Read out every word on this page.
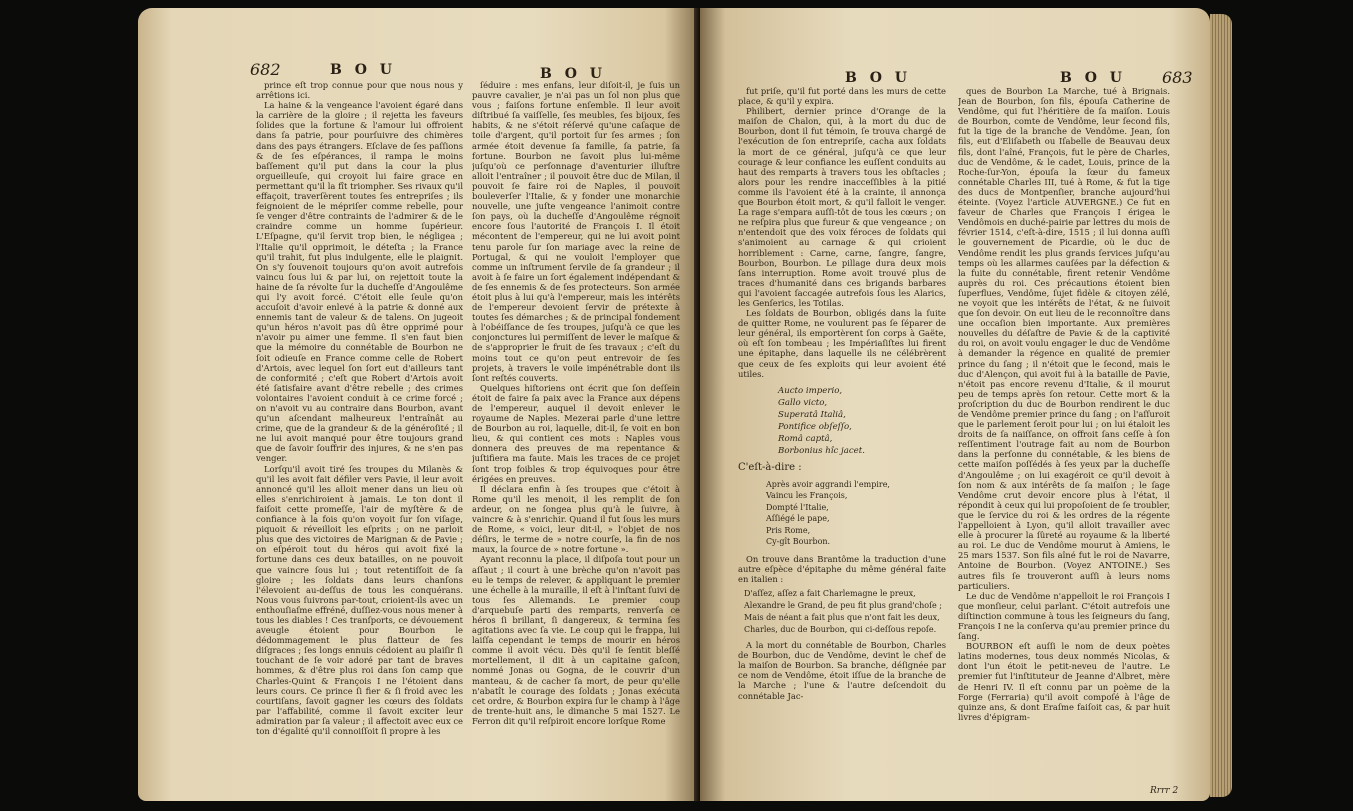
682	B O U	B O U	B O U	B O U 683

prince eſt trop connue pour que nous nous y arrêtions ici.

La haine & la vengeance l'avoient égaré dans la carrière de la gloire ; il rejetta les faveurs ſolides que la fortune & l'amour lui offroient dans ſa patrie, pour pourſuivre des chimères dans des pays étrangers. Eſclave de ſes paſſions & de ſes eſpérances, il rampa le moins baſſement qu'il put dans la cour la plus orgueilleuſe, qui croyoit lui faire grace en permettant qu'il la fît triompher. Ses rivaux qu'il effaçoit, traverſèrent toutes ſes entrepriſes ; ils feignoient de le mépriſer comme rebelle, pour ſe venger d'être contraints de l'admirer & de le craindre comme un homme ſupérieur. L'Eſpagne, qu'il ſervit trop bien, le négligea ; l'Italie qu'il opprimoit, le déteſta ; la France qu'il trahit, fut plus indulgente, elle le plaignit. On s'y ſouvenoit toujours qu'on avoit autrefois vaincu ſous lui & par lui, on rejettoit toute la haine de ſa révolte ſur la ducheſſe d'Angoulême qui l'y avoit forcé. C'étoit elle ſeule qu'on accuſoit d'avoir enlevé à la patrie & donné aux ennemis tant de valeur & de talens. On jugeoit qu'un héros n'avoit pas dû être opprimé pour n'avoir pu aimer une femme. Il s'en faut bien que la mémoire du connétable de Bourbon ne ſoit odieuſe en France comme celle de Robert d'Artois, avec lequel ſon ſort eut d'ailleurs tant de conformité ; c'eſt que Robert d'Artois avoit été ſatisfaire avant d'être rebelle ; des crimes volontaires l'avoient conduit à ce crime forcé ; on n'avoit vu au contraire dans Bourbon, avant qu'un aſcendant malheureux l'entraînât au crime, que de la grandeur & de la généroſité ; il ne lui avoit manqué pour être toujours grand que de ſavoir ſouffrir des injures, & ne s'en pas venger.

Lorſqu'il avoit tiré ſes troupes du Milanès & qu'il les avoit fait défiler vers Pavie, il leur avoit annoncé qu'il les alloit mener dans un lieu où elles s'enrichiroient à jamais. Le ton dont il faiſoit cette promeſſe, l'air de myſtère & de confiance à la fois qu'on voyoit ſur ſon viſage, piquoit & réveilloit les eſprits ; on ne parloit plus que des victoires de Marignan & de Pavie ; on eſpéroit tout du héros qui avoit fixé la fortune dans ces deux batailles, on ne pouvoit que vaincre ſous lui ; tout retentiſſoit de ſa gloire ; les ſoldats dans leurs chanſons l'élevoient au-deſſus de tous les conquérans. Nous vous ſuivrons par-tout, crioient-ils avec un enthouſiaſme effréné, duſſiez-vous nous mener à tous les diables ! Ces tranſports, ce dévouement aveugle étoient pour Bourbon le dédommagement le plus flatteur de ſes diſgraces ; ſes longs ennuis cédoient au plaiſir ſi touchant de ſe voir adoré par tant de braves hommes, & d'être plus roi dans ſon camp que Charles-Quint & François I ne l'étoient dans leurs cours. Ce prince ſi fier & ſi froid avec les courtiſans, ſavoit gagner les cœurs des ſoldats par l'affabilité, comme il ſavoit exciter leur admiration par ſa valeur ; il affectoit avec eux ce ton d'égalité qu'il connoiſſoit ſi propre à les

ſéduire : mes enfans, leur diſoit-il, je ſuis un pauvre cavalier, je n'ai pas un ſol non plus que vous ; faiſons fortune enſemble. Il leur avoit diſtribué ſa vaiſſelle, ſes meubles, ſes bijoux, ſes habits, & ne s'étoit réſervé qu'une caſaque de toile d'argent, qu'il portoit ſur ſes armes ; ſon armée étoit devenue ſa famille, ſa patrie, ſa fortune. Bourbon ne ſavoit plus lui-même juſqu'où ce perſonnage d'aventurier illuſtre alloit l'entraîner ; il pouvoit être duc de Milan, il pouvoit ſe faire roi de Naples, il pouvoit bouleverſer l'Italie, & y fonder une monarchie nouvelle, une juſte vengeance l'animoit contre ſon pays, où la ducheſſe d'Angoulême régnoit encore ſous l'autorité de François I. Il étoit mécontent de l'empereur, qui ne lui avoit point tenu parole ſur ſon mariage avec la reine de Portugal, & qui ne vouloit l'employer que comme un inſtrument ſervile de ſa grandeur ; il avoit à ſe faire un ſort également indépendant & de ſes ennemis & de ſes protecteurs. Son armée étoit plus à lui qu'à l'empereur, mais les intérêts de l'empereur devoient ſervir de prétexte à toutes ſes démarches ; & de principal fondement à l'obéiſſance de ſes troupes, juſqu'à ce que les conjonctures lui permiſſent de lever le maſque & de s'approprier le fruit de ſes travaux ; c'eſt du moins tout ce qu'on peut entrevoir de ſes projets, à travers le voile impénétrable dont ils ſont reſtés couverts.

Quelques hiſtoriens ont écrit que ſon deſſein étoit de faire ſa paix avec la France aux dépens de l'empereur, auquel il devoit enlever le royaume de Naples. Mezerai parle d'une lettre de Bourbon au roi, laquelle, dit-il, ſe voit en bon lieu, & qui contient ces mots : Naples vous donnera des preuves de ma repentance & juſtifiera ma faute. Mais les traces de ce projet ſont trop foibles & trop équivoques pour être érigées en preuves.

Il déclara enfin à ſes troupes que c'étoit à Rome qu'il les menoit, il les remplit de ſon ardeur, on ne ſongea plus qu'à le ſuivre, à vaincre & à s'enrichir. Quand il fut ſous les murs de Rome, « voici, leur dit-il, » l'objet de nos déſirs, le terme de » notre courſe, la fin de nos maux, la ſource de » notre fortune ».

Ayant reconnu la place, il diſpoſa tout pour un aſſaut ; il court à une brèche qu'on n'avoit pas eu le temps de relever, & appliquant le premier une échelle à la muraille, il eſt à l'inſtant ſuivi de tous ſes Allemands. Le premier coup d'arquebuſe parti des remparts, renverſa ce héros ſi brillant, ſi dangereux, & termina ſes agitations avec ſa vie. Le coup qui le frappa, lui laiſſa cependant le temps de mourir en héros comme il avoit vécu. Dès qu'il ſe ſentit bleſſé mortellement, il dit à un capitaine gaſcon, nommé Jonas ou Gogna, de le couvrir d'un manteau, & de cacher ſa mort, de peur qu'elle n'abatît le courage des ſoldats ; Jonas exécuta cet ordre, & Bourbon expira ſur le champ à l'âge de trente-huit ans, le dimanche 5 mai 1527. Le Ferron dit qu'il reſpiroit encore lorſque Rome

fut priſe, qu'il fut porté dans les murs de cette place, & qu'il y expira.

Philibert, dernier prince d'Orange de la maiſon de Chalon, qui, à la mort du duc de Bourbon, dont il fut témoin, ſe trouva chargé de l'exécution de ſon entrepriſe, cacha aux ſoldats la mort de ce général, juſqu'à ce que leur courage & leur confiance les euſſent conduits au haut des remparts à travers tous les obſtacles ; alors pour les rendre inacceſſibles à la pitié comme ils l'avoient été à la crainte, il annonça que Bourbon étoit mort, & qu'il falloit le venger. La rage s'empara auſſi-tôt de tous les cœurs ; on ne reſpira plus que fureur & que vengeance ; on n'entendoit que des voix féroces de ſoldats qui s'animoient au carnage & qui crioient horriblement : Carne, carne, ſangre, ſangre, Bourbon, Bourbon. Le pillage dura deux mois ſans interruption. Rome avoit trouvé plus de traces d'humanité dans ces brigands barbares qui l'avoient ſaccagée autrefois ſous les Alarics, les Genſerics, les Totilas.

Les ſoldats de Bourbon, obligés dans la ſuite de quitter Rome, ne voulurent pas ſe ſéparer de leur général, ils emportèrent ſon corps à Gaëte, où eſt ſon tombeau ; les Impériaſiſtes lui firent une épitaphe, dans laquelle ils ne célébrèrent que ceux de ſes exploits qui leur avoient été utiles.

Aucto imperio,
Gallo victo,
Superatâ Italiâ,
Pontifice obſeſſo,
Româ captâ,
Borbonius hîc jacet.
C'eſt-à-dire :
Après avoir aggrandi l'empire,
Vaincu les François,
Dompté l'Italie,
Aſſiégé le pape,
Pris Rome,
Cy-gît Bourbon.

On trouve dans Brantôme la traduction d'une autre eſpèce d'épitaphe du même général faite en italien :

D'aſſez, aſſez a fait Charlemagne le preux,
Alexandre le Grand, de peu fit plus grand'choſe ;
Mais de néant a fait plus que n'ont fait les deux,
Charles, duc de Bourbon, qui ci-deſſous repoſe.

A la mort du connétable de Bourbon, Charles de Bourbon, duc de Vendôme, devint le chef de la maiſon de Bourbon. Sa branche, déſignée par ce nom de Vendôme, étoit iſſue de la branche de la Marche ; l'une & l'autre deſcendoit du connétable Jac-

ques de Bourbon La Marche, tué à Brignais. Jean de Bourbon, ſon fils, épouſa Catherine de Vendôme, qui fut l'héritière de ſa maiſon. Louis de Bourbon, comte de Vendôme, leur ſecond fils, fut la tige de la branche de Vendôme. Jean, ſon fils, eut d'Eliſabeth ou Iſabelle de Beauvau deux fils, dont l'aîné, François, fut le père de Charles, duc de Vendôme, & le cadet, Louis, prince de la Roche-ſur-Yon, épouſa la ſœur du fameux connétable Charles III, tué à Rome, & fut la tige des ducs de Montpenſier, branche aujourd'hui éteinte. (Voyez l'article AUVERGNE.) Ce fut en faveur de Charles que François I érigea le Vendômois en duché-pairie par lettres du mois de février 1514, c'eſt-à-dire, 1515 ; il lui donna auſſi le gouvernement de Picardie, où le duc de Vendôme rendit les plus grands ſervices juſqu'au temps où les allarmes cauſées par la défection & la fuite du connétable, firent retenir Vendôme auprès du roi. Ces précautions étoient bien ſuperflues, Vendôme, ſujet fidèle & citoyen zélé, ne voyoit que les intérêts de l'état, & ne ſuivoit que ſon devoir. On eut lieu de le reconnoître dans une occaſion bien importante. Aux premières nouvelles du déſaſtre de Pavie & de la captivité du roi, on avoit voulu engager le duc de Vendôme à demander la régence en qualité de premier prince du ſang ; il n'étoit que le ſecond, mais le duc d'Alençon, qui avoit fui à la bataille de Pavie, n'étoit pas encore revenu d'Italie, & il mourut peu de temps après ſon retour. Cette mort & la proſcription du duc de Bourbon rendirent le duc de Vendôme premier prince du ſang ; on l'aſſuroit que le parlement ſeroit pour lui ; on lui étaloit les droits de ſa naiſſance, on offroit ſans ceſſe à ſon reſſentiment l'outrage fait au nom de Bourbon dans la perſonne du connétable, & les biens de cette maiſon poſſédés à ſes yeux par la ducheſſe d'Angoulême ; on lui exagéroit ce qu'il devoit à ſon nom & aux intérêts de ſa maiſon ; le ſage Vendôme crut devoir encore plus à l'état, il répondit à ceux qui lui propoſoient de ſe troubler, que le ſervice du roi & les ordres de la régente l'appelloient à Lyon, qu'il alloit travailler avec elle à procurer la ſûreté au royaume & la liberté au roi. Le duc de Vendôme mourut à Amiens, le 25 mars 1537. Son fils aîné fut le roi de Navarre, Antoine de Bourbon. (Voyez ANTOINE.) Ses autres fils ſe trouveront auſſi à leurs noms particuliers.

Le duc de Vendôme n'appelloit le roi François I que monſieur, celui parlant. C'étoit autrefois une diſtinction commune à tous les ſeigneurs du ſang, François I ne la conſerva qu'au premier prince du ſang.

BOURBON eſt auſſi le nom de deux poètes latins modernes, tous deux nommés Nicolas, & dont l'un étoit le petit-neveu de l'autre. Le premier fut l'inſtituteur de Jeanne d'Albret, mère de Henri IV. Il eſt connu par un poème de la Forge (Ferraria) qu'il avoit compoſé à l'âge de quinze ans, & dont Eraſme faiſoit cas, & par huit livres d'épigram-

Rrrr 2
